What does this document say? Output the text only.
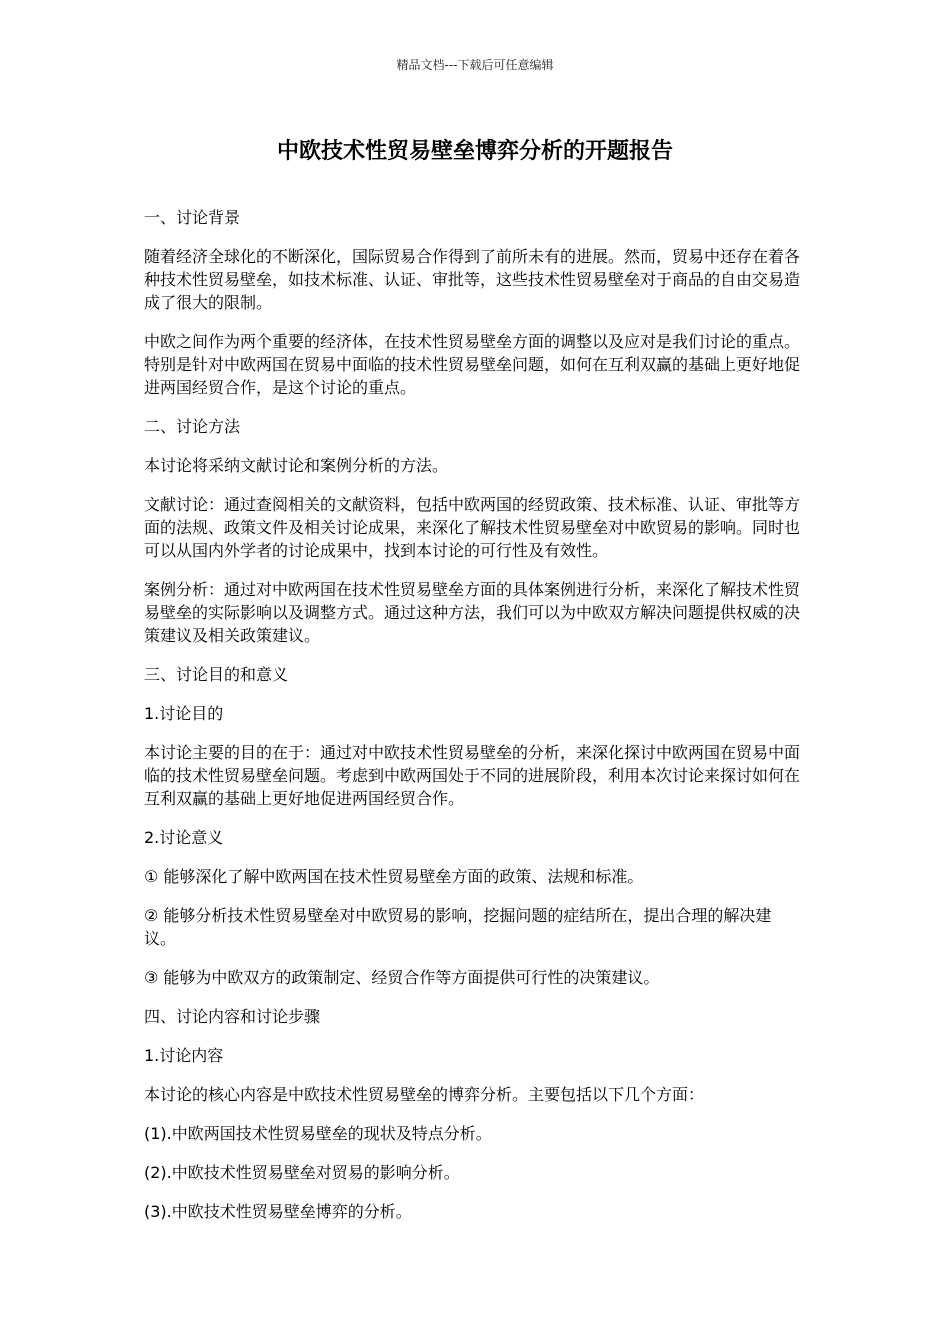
精品文档---下载后可任意编辑
中欧技术性贸易壁垒博弈分析的开题报告

一、讨论背景

随着经济全球化的不断深化，国际贸易合作得到了前所未有的进展。然而，贸易中还存在着各种技术性贸易壁垒，如技术标准、认证、审批等，这些技术性贸易壁垒对于商品的自由交易造成了很大的限制。

中欧之间作为两个重要的经济体，在技术性贸易壁垒方面的调整以及应对是我们讨论的重点。特别是针对中欧两国在贸易中面临的技术性贸易壁垒问题，如何在互利双赢的基础上更好地促进两国经贸合作，是这个讨论的重点。

二、讨论方法

本讨论将采纳文献讨论和案例分析的方法。

文献讨论：通过查阅相关的文献资料，包括中欧两国的经贸政策、技术标准、认证、审批等方面的法规、政策文件及相关讨论成果，来深化了解技术性贸易壁垒对中欧贸易的影响。同时也可以从国内外学者的讨论成果中，找到本讨论的可行性及有效性。

案例分析：通过对中欧两国在技术性贸易壁垒方面的具体案例进行分析，来深化了解技术性贸易壁垒的实际影响以及调整方式。通过这种方法，我们可以为中欧双方解决问题提供权威的决策建议及相关政策建议。

三、讨论目的和意义

1.讨论目的

本讨论主要的目的在于：通过对中欧技术性贸易壁垒的分析，来深化探讨中欧两国在贸易中面临的技术性贸易壁垒问题。考虑到中欧两国处于不同的进展阶段，利用本次讨论来探讨如何在互利双赢的基础上更好地促进两国经贸合作。

2.讨论意义

① 能够深化了解中欧两国在技术性贸易壁垒方面的政策、法规和标准。

② 能够分析技术性贸易壁垒对中欧贸易的影响，挖掘问题的症结所在，提出合理的解决建议。

③ 能够为中欧双方的政策制定、经贸合作等方面提供可行性的决策建议。

四、讨论内容和讨论步骤

1.讨论内容

本讨论的核心内容是中欧技术性贸易壁垒的博弈分析。主要包括以下几个方面：

(1).中欧两国技术性贸易壁垒的现状及特点分析。

(2).中欧技术性贸易壁垒对贸易的影响分析。

(3).中欧技术性贸易壁垒博弈的分析。
